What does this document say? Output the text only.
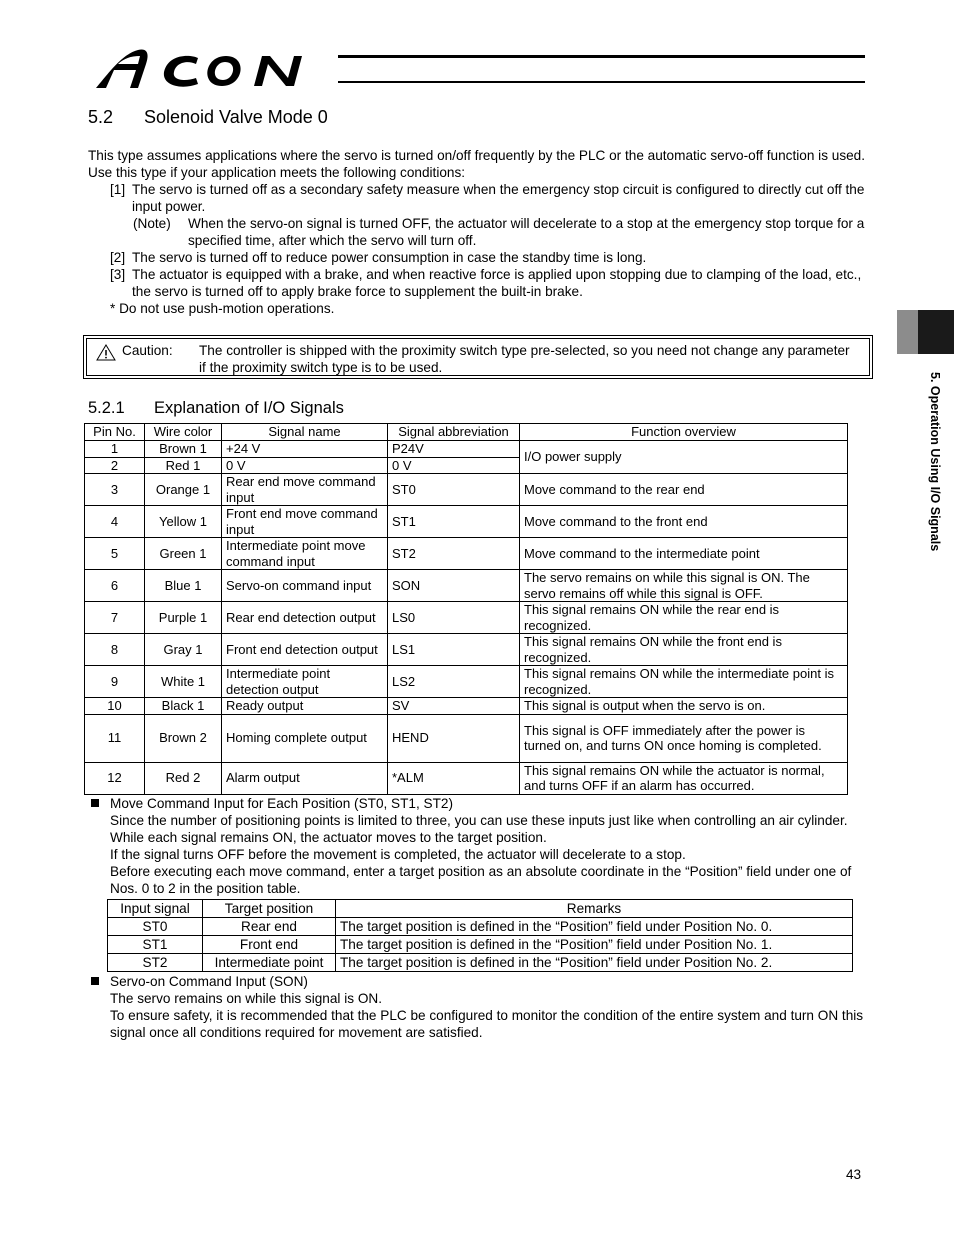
5.2 Solenoid Valve Mode 0

This type assumes applications where the servo is turned on/off frequently by the PLC or the automatic servo-off function is used. Use this type if your application meets the following conditions:

[1] The servo is turned off as a secondary safety measure when the emergency stop circuit is configured to directly cut off the input power.
(Note) When the servo-on signal is turned OFF, the actuator will decelerate to a stop at the emergency stop torque for a specified time, after which the servo will turn off.
[2] The servo is turned off to reduce power consumption in case the standby time is long.
[3] The actuator is equipped with a brake, and when reactive force is applied upon stopping due to clamping of the load, etc., the servo is turned off to apply brake force to supplement the built-in brake.

* Do not use push-motion operations.

Caution: The controller is shipped with the proximity switch type pre-selected, so you need not change any parameter if the proximity switch type is to be used.
5. Operation Using I/O Signals
5.2.1 Explanation of I/O Signals
Pin No.	Wire color	Signal name	Signal abbreviation	Function overview
1	Brown 1	+24 V	P24V	I/O power supply
2	Red 1	0 V	0 V	
3	Orange 1	Rear end move command input	ST0	Move command to the rear end
4	Yellow 1	Front end move command input	ST1	Move command to the front end
5	Green 1	Intermediate point move command input	ST2	Move command to the intermediate point
6	Blue 1	Servo-on command input	SON	The servo remains on while this signal is ON. The servo remains off while this signal is OFF.
7	Purple 1	Rear end detection output	LS0	This signal remains ON while the rear end is recognized.
8	Gray 1	Front end detection output	LS1	This signal remains ON while the front end is recognized.
9	White 1	Intermediate point detection output	LS2	This signal remains ON while the intermediate point is recognized.
10	Black 1	Ready output	SV	This signal is output when the servo is on.
11	Brown 2	Homing complete output	HEND	This signal is OFF immediately after the power is turned on, and turns ON once homing is completed.
12	Red 2	Alarm output	*ALM	This signal remains ON while the actuator is normal, and turns OFF if an alarm has occurred.
Move Command Input for Each Position (ST0, ST1, ST2)

Since the number of positioning points is limited to three, you can use these inputs just like when controlling an air cylinder.

While each signal remains ON, the actuator moves to the target position.

If the signal turns OFF before the movement is completed, the actuator will decelerate to a stop.

Before executing each move command, enter a target position as an absolute coordinate in the “Position” field under one of Nos. 0 to 2 in the position table.

Input signal	Target position	Remarks
ST0	Rear end	The target position is defined in the “Position” field under Position No. 0.
ST1	Front end	The target position is defined in the “Position” field under Position No. 1.
ST2	Intermediate point	The target position is defined in the “Position” field under Position No. 2.
Servo-on Command Input (SON)

The servo remains on while this signal is ON.

To ensure safety, it is recommended that the PLC be configured to monitor the condition of the entire system and turn ON this signal once all conditions required for movement are satisfied.

43
